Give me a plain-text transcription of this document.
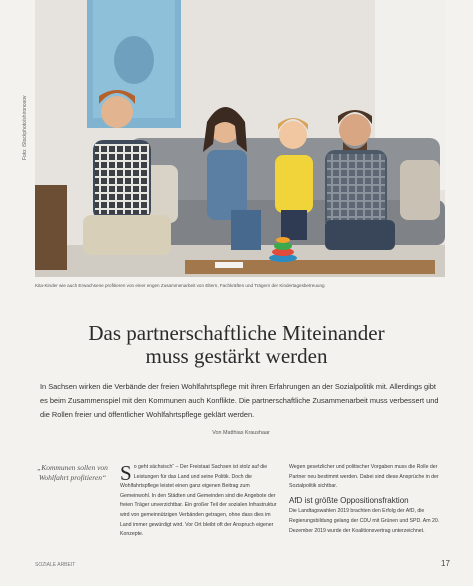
Foto: iStockphoto/shironosov
Kita-Kinder wie auch Erwachsene profitieren von einer engen Zusammenarbeit von Eltern, Fachkräften und Trägern der Kindertagesbetreuung
Das partnerschaftliche Miteinander
muss gestärkt werden
In Sachsen wirken die Verbände der freien Wohlfahrtspflege mit ihren Erfahrungen an der Sozialpolitik mit. Allerdings gibt es beim Zusammenspiel mit den Kommunen auch Konflikte. Die partnerschaftliche Zusammenarbeit muss verbessert und die Rollen freier und öffentlicher Wohlfahrtspflege geklärt werden.
Von Matthias Kraushaar
„Kommunen sollen von Wohlfahrt profitieren“ So geht sächsisch“ – Der Freistaat Sachsen ist stolz auf die Leistungen für das Land und seine Politik. Doch die Wohlfahrtspflege leistet einen ganz eigenen Beitrag zum Gemeinwohl. In den Städten und Gemeinden sind die Angebote der freien Träger unverzichtbar. Ein großer Teil der sozialen Infrastruktur wird von gemeinnützigen Verbänden getragen, ohne dass dies im Land immer gewürdigt wird. Vor Ort bleibt oft der Anspruch eigener Konzepte.
Wegen gesetzlicher und politischer Vorgaben muss die Rolle der Partner neu bestimmt werden. Dabei sind diese Ansprüche in der Sozialpolitik sichtbar.
AfD ist größte Oppositionsfraktion
Die Landtagswahlen 2019 brachten den Erfolg der AfD, die Regierungsbildung gelang der CDU mit Grünen und SPD. Am 20. Dezember 2019 wurde der Koalitionsvertrag unterzeichnet.
SOZIALE ARBEIT	17
